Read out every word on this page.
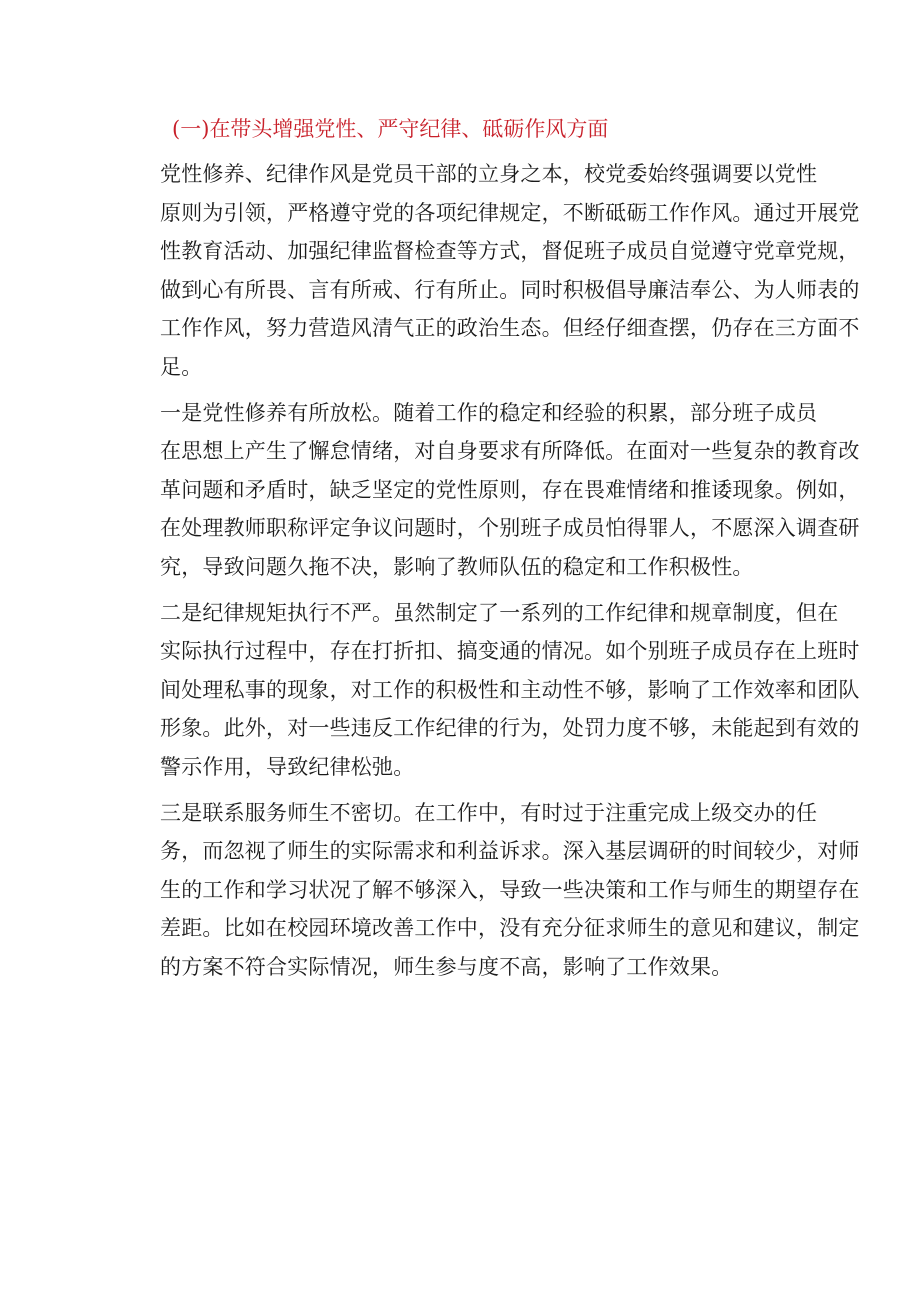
(一)在带头增强党性、严守纪律、砥砺作风方面
党性修养、纪律作风是党员干部的立身之本，校党委始终强调要以党性
原则为引领，严格遵守党的各项纪律规定，不断砥砺工作作风。通过开展党
性教育活动、加强纪律监督检查等方式，督促班子成员自觉遵守党章党规，
做到心有所畏、言有所戒、行有所止。同时积极倡导廉洁奉公、为人师表的
工作作风，努力营造风清气正的政治生态。但经仔细查摆，仍存在三方面不
足。
一是党性修养有所放松。随着工作的稳定和经验的积累，部分班子成员
在思想上产生了懈怠情绪，对自身要求有所降低。在面对一些复杂的教育改
革问题和矛盾时，缺乏坚定的党性原则，存在畏难情绪和推诿现象。例如，
在处理教师职称评定争议问题时，个别班子成员怕得罪人，不愿深入调查研
究，导致问题久拖不决，影响了教师队伍的稳定和工作积极性。
二是纪律规矩执行不严。虽然制定了一系列的工作纪律和规章制度，但在
实际执行过程中，存在打折扣、搞变通的情况。如个别班子成员存在上班时
间处理私事的现象，对工作的积极性和主动性不够，影响了工作效率和团队
形象。此外，对一些违反工作纪律的行为，处罚力度不够，未能起到有效的
警示作用，导致纪律松弛。
三是联系服务师生不密切。在工作中，有时过于注重完成上级交办的任
务，而忽视了师生的实际需求和利益诉求。深入基层调研的时间较少，对师
生的工作和学习状况了解不够深入，导致一些决策和工作与师生的期望存在
差距。比如在校园环境改善工作中，没有充分征求师生的意见和建议，制定
的方案不符合实际情况，师生参与度不高，影响了工作效果。
